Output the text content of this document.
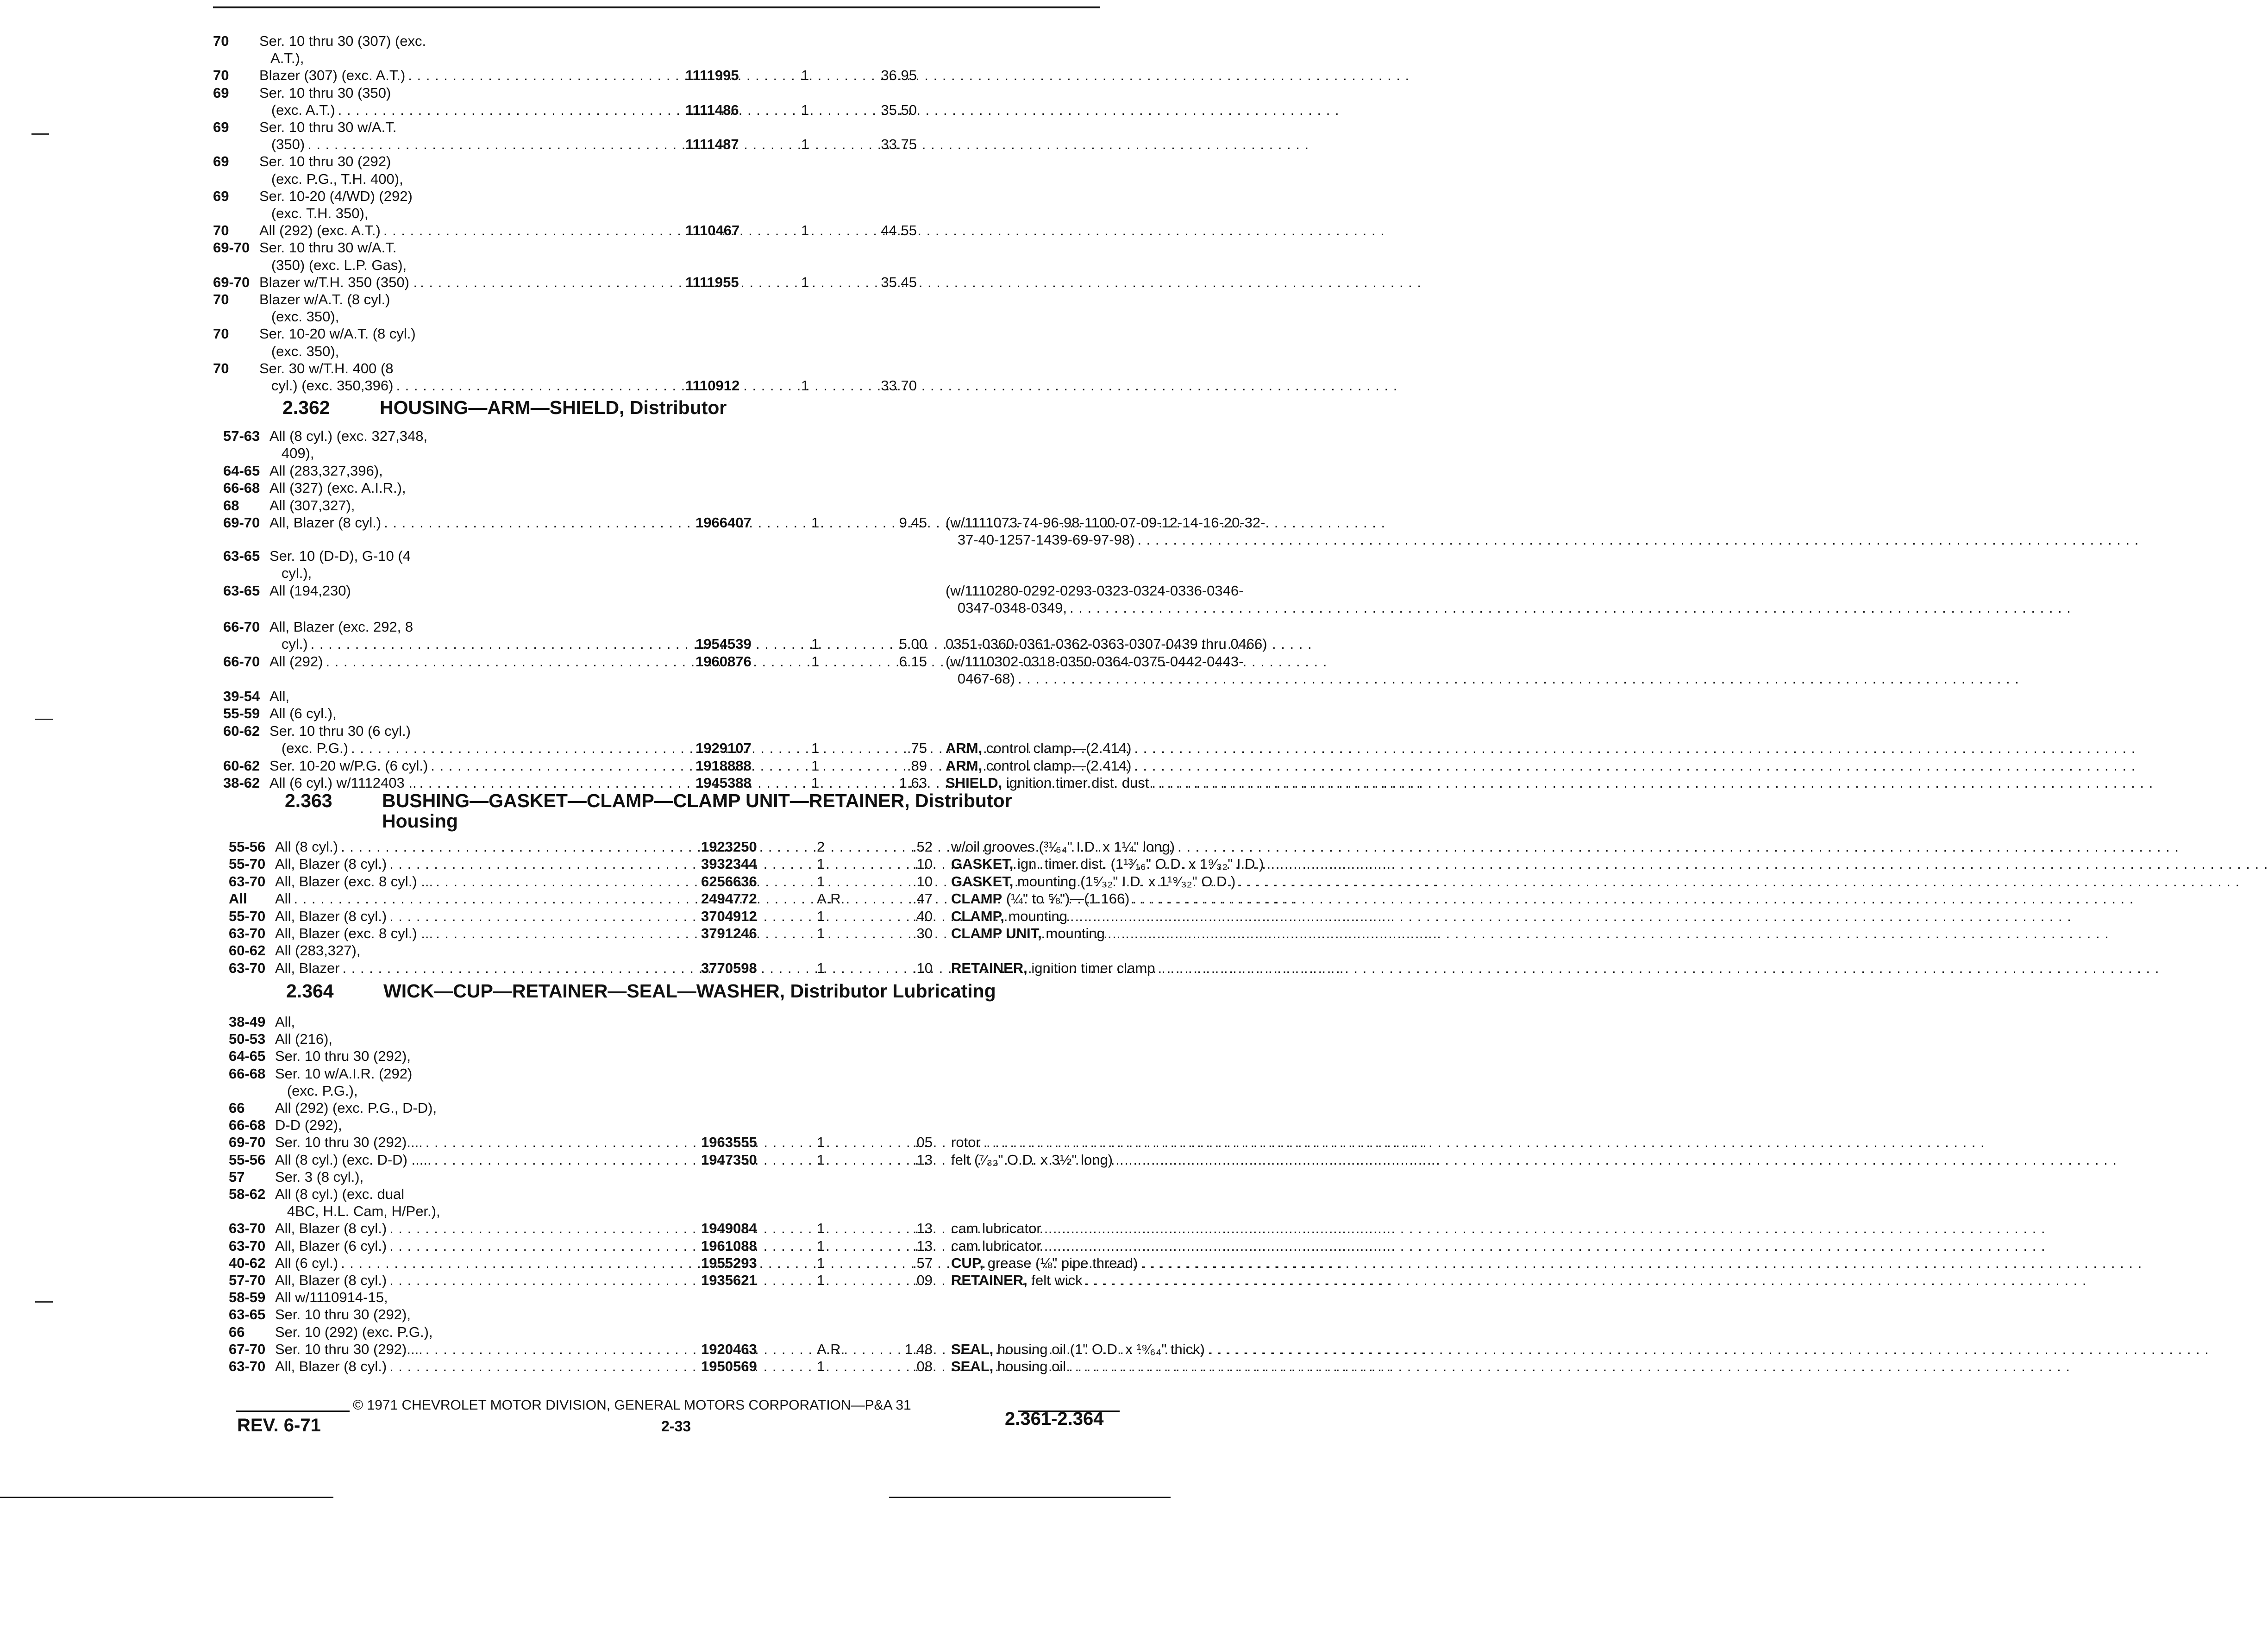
70 Ser. 10 thru 30 (307) (exc.
A.T.),
70 Blazer (307) (exc. A.T.) . . .	1111995	1	36.95
69 Ser. 10 thru 30 (350)
(exc. A.T.) . . .	1111486	1	35.50
69 Ser. 10 thru 30 w/A.T.
(350) . . .	1111487	1	33.75
69 Ser. 10 thru 30 (292)
(exc. P.G., T.H. 400),
69 Ser. 10-20 (4/WD) (292)
(exc. T.H. 350),
70 All (292) (exc. A.T.) . . .	1110467	1	44.55
69-70 Ser. 10 thru 30 w/A.T.
(350) (exc. L.P. Gas),
69-70 Blazer w/T.H. 350 (350) . . . .	1111955	1	35.45
70 Blazer w/A.T. (8 cyl.)
(exc. 350),
70 Ser. 10-20 w/A.T. (8 cyl.)
(exc. 350),
70 Ser. 30 w/T.H. 400 (8
cyl.) (exc. 350,396) . . .	1110912	1	33.70
2.362	HOUSING—ARM—SHIELD, Distributor
57-63 All (8 cyl.) (exc. 327,348,
409),
64-65 All (283,327,396),
66-68 All (327) (exc. A.I.R.),
68 All (307,327),
69-70 All, Blazer (8 cyl.) . . .	1966407	1	9.45 (w/1111073-74-96-98-1100-07-09-12-14-16-20-32-
37-40-1257-1439-69-97-98)
. . .
63-65 Ser. 10 (D-D), G-10 (4
cyl.),
63-65 All (194,230)	(w/1110280-0292-0293-0323-0324-0336-0346-
0347-0348-0349,
. . .
66-70 All, Blazer (exc. 292, 8
cyl.) . . .	1954539	1	5.00 0351-0360-0361-0362-0363-0307-0439 thru 0466)
66-70 All (292) . . .	1960876	1	6.15 (w/1110302-0318-0350-0364-0375-0442-0443-
0467-68)
. . .
39-54 All,
55-59 All (6 cyl.),
60-62 Ser. 10 thru 30 (6 cyl.)
(exc. P.G.) . . .	1929107	1	.75 ARM, control clamp—(2.414)
. . .
60-62 Ser. 10-20 w/P.G. (6 cyl.) . . .	1918888	1	.89 ARM, control clamp—(2.414)
. . .
38-62 All (6 cyl.) w/1112403 .. . . .	1945388	1	1.63 SHIELD, ignition timer dist. dust
. . .
2.363	BUSHING—GASKET—CLAMP—CLAMP UNIT—RETAINER, Distributor
Housing
55-56 All (8 cyl.) . . .	1923250	2	.52 w/oil grooves (³¹⁄₆₄" I.D. x 1¼" long)
. . .
55-70 All, Blazer (8 cyl.) . . .	3932344	1	.10 GASKET, ign. timer dist. (1¹³⁄₁₆" O.D. x 1⁹⁄₃₂" I.D.)
. . .
63-70 All, Blazer (exc. 8 cyl.) ... . . .	6256636	1	.10 GASKET, mounting (1⁵⁄₃₂" I.D. x 1¹⁹⁄₃₂" O.D.)
. . .
All All . . .	2494772	A.R.	.47 CLAMP (¼" to ⅝")—(1.166)
. . .
55-70 All, Blazer (8 cyl.) . . .	3704912	1	.40 CLAMP, mounting
. . .
63-70 All, Blazer (exc. 8 cyl.) ... . . .	3791246	1	.30 CLAMP UNIT, mounting
. . .
60-62 All (283,327),
63-70 All, Blazer . . .	3770598	1	.10 RETAINER, ignition timer clamp
. . .
2.364	WICK—CUP—RETAINER—SEAL—WASHER, Distributor Lubricating
38-49 All,
50-53 All (216),
64-65 Ser. 10 thru 30 (292),
66-68 Ser. 10 w/A.I.R. (292)
(exc. P.G.),
66 All (292) (exc. P.G., D-D),
66-68 D-D (292),
69-70 Ser. 10 thru 30 (292).... . . .	1963555	1	.05 rotor
. . .
55-56 All (8 cyl.) (exc. D-D) ..... . . .	1947350	1	.13 felt (⁷⁄₃₂" O.D. x 3½" long)
. . .
57 Ser. 3 (8 cyl.),
58-62 All (8 cyl.) (exc. dual
4BC, H.L. Cam, H/Per.),
63-70 All, Blazer (8 cyl.) . . .	1949084	1	.13 cam lubricator
. . .
63-70 All, Blazer (6 cyl.) . . .	1961088	1	.13 cam lubricator
. . .
40-62 All (6 cyl.) . . .	1955293	1	.57 CUP, grease (⅛" pipe thread)
. . .
57-70 All, Blazer (8 cyl.) . . .	1935621	1	.09 RETAINER, felt wick
. . .
58-59 All w/1110914-15,
63-65 Ser. 10 thru 30 (292),
66 Ser. 10 (292) (exc. P.G.),
67-70 Ser. 10 thru 30 (292).... . . .	1920463	A.R.	1.48 SEAL, housing oil (1" O.D. x ¹⁹⁄₆₄" thick)
. . .
63-70 All, Blazer (8 cyl.) . . .	1950569	1	.08 SEAL, housing oil
. . .
© 1971 CHEVROLET MOTOR DIVISION, GENERAL MOTORS CORPORATION—P&A 31
REV. 6-71	2-33	2.361-2.364
